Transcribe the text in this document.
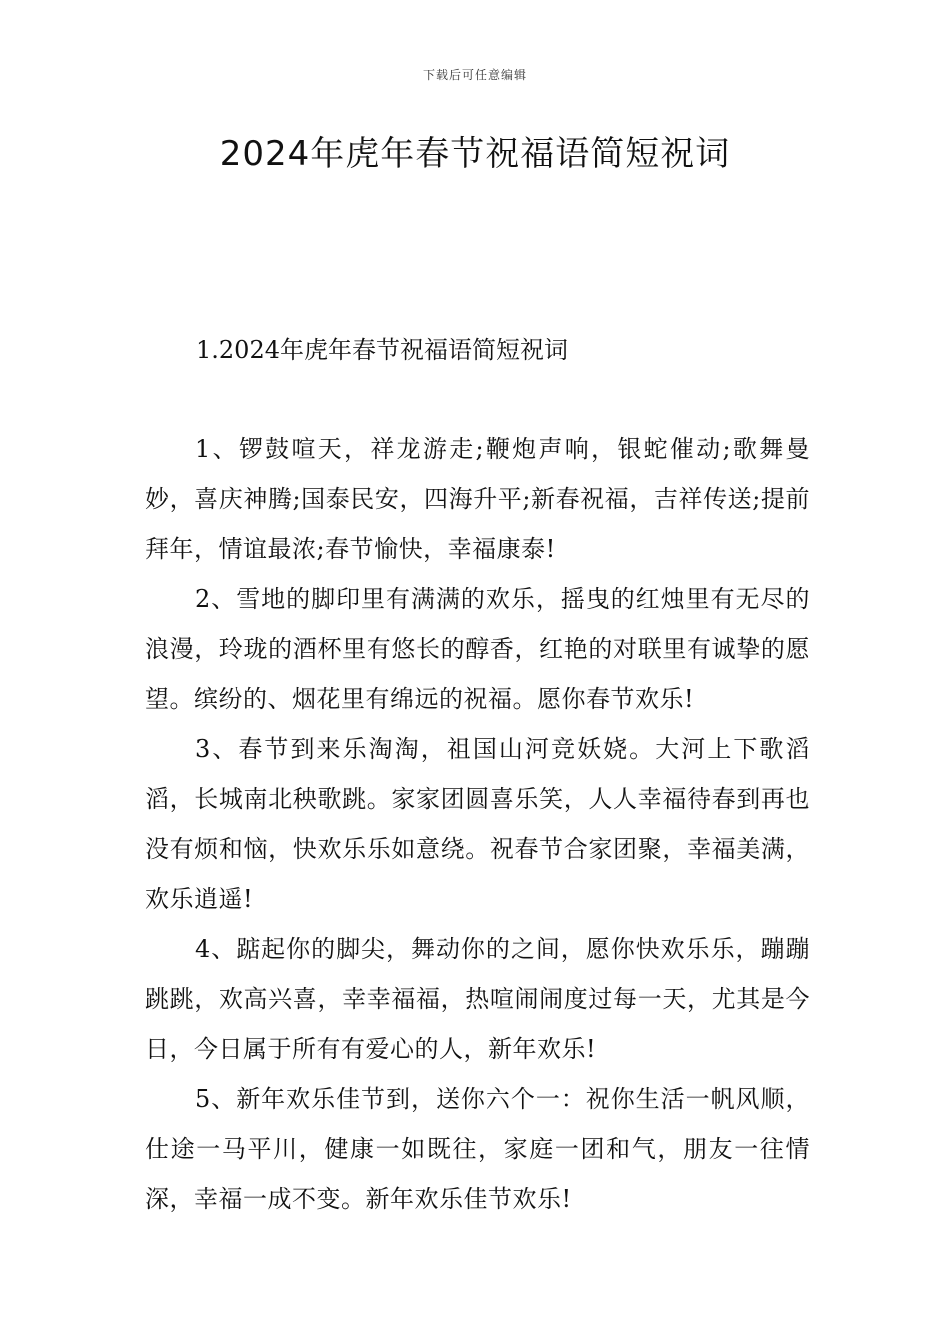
下载后可任意编辑
2024年虎年春节祝福语简短祝词
1.2024年虎年春节祝福语简短祝词

1、锣鼓喧天，祥龙游走;鞭炮声响，银蛇催动;歌舞曼妙，喜庆神腾;国泰民安，四海升平;新春祝福，吉祥传送;提前拜年，情谊最浓;春节愉快，幸福康泰!

2、雪地的脚印里有满满的欢乐，摇曳的红烛里有无尽的浪漫，玲珑的酒杯里有悠长的醇香，红艳的对联里有诚挚的愿望。缤纷的、烟花里有绵远的祝福。愿你春节欢乐!

3、春节到来乐淘淘，祖国山河竞妖娆。大河上下歌滔滔，长城南北秧歌跳。家家团圆喜乐笑，人人幸福待春到再也没有烦和恼，快欢乐乐如意绕。祝春节合家团聚，幸福美满，欢乐逍遥!

4、踮起你的脚尖，舞动你的之间，愿你快欢乐乐，蹦蹦跳跳，欢高兴喜，幸幸福福，热喧闹闹度过每一天，尤其是今日，今日属于所有有爱心的人，新年欢乐!

5、新年欢乐佳节到，送你六个一：祝你生活一帆风顺，仕途一马平川，健康一如既往，家庭一团和气，朋友一往情深，幸福一成不变。新年欢乐佳节欢乐!
